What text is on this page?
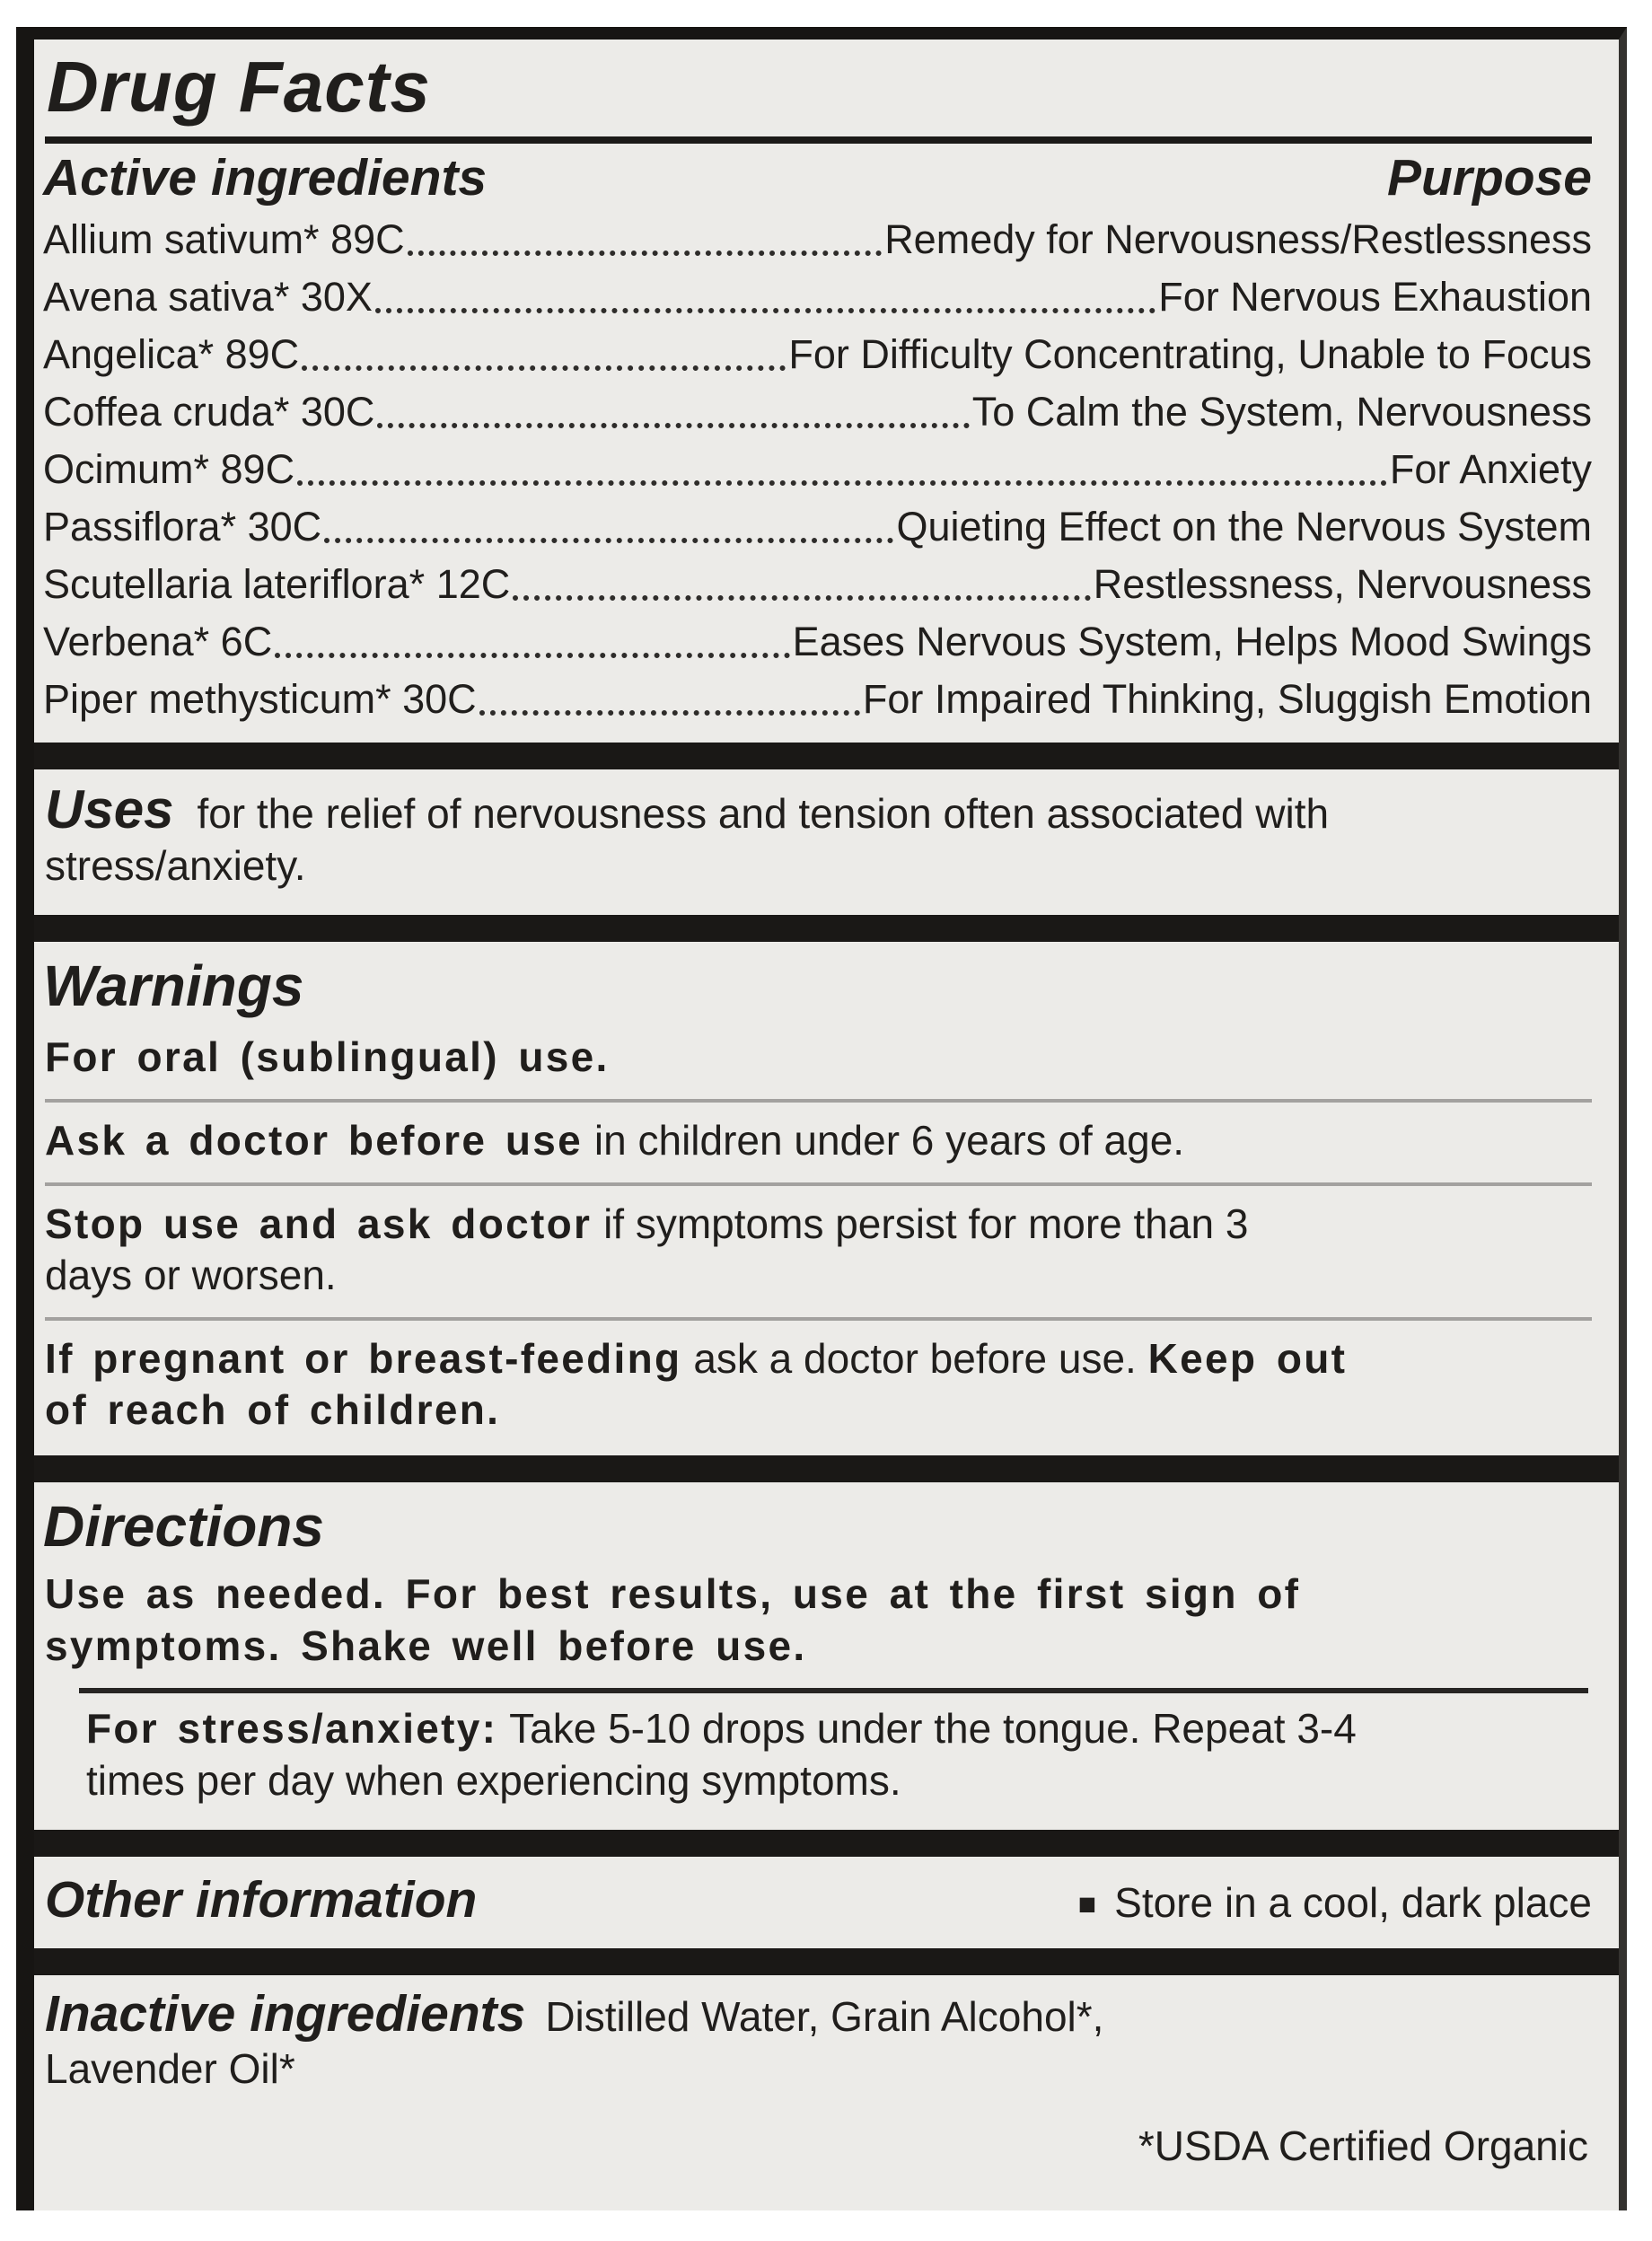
Drug Facts
Active ingredients	Purpose
Allium sativum* 89C	Remedy for Nervousness/Restlessness
Avena sativa* 30X	For Nervous Exhaustion
Angelica* 89C	For Difficulty Concentrating, Unable to Focus
Coffea cruda* 30C	To Calm the System, Nervousness
Ocimum* 89C	For Anxiety
Passiflora* 30C	Quieting Effect on the Nervous System
Scutellaria lateriflora* 12C	Restlessness, Nervousness
Verbena* 6C	Eases Nervous System, Helps Mood Swings
Piper methysticum* 30C	For Impaired Thinking, Sluggish Emotion
Uses for the relief of nervousness and tension often associated with stress/anxiety.
Warnings
For oral (sublingual) use.
Ask a doctor before use in children under 6 years of age.
Stop use and ask doctor if symptoms persist for more than 3 days or worsen.
If pregnant or breast-feeding ask a doctor before use. Keep out of reach of children.
Directions
Use as needed. For best results, use at the first sign of symptoms. Shake well before use.
For stress/anxiety: Take 5-10 drops under the tongue. Repeat 3-4 times per day when experiencing symptoms.
Other information	■ Store in a cool, dark place
Inactive ingredients Distilled Water, Grain Alcohol*,
Lavender Oil*
*USDA Certified Organic
